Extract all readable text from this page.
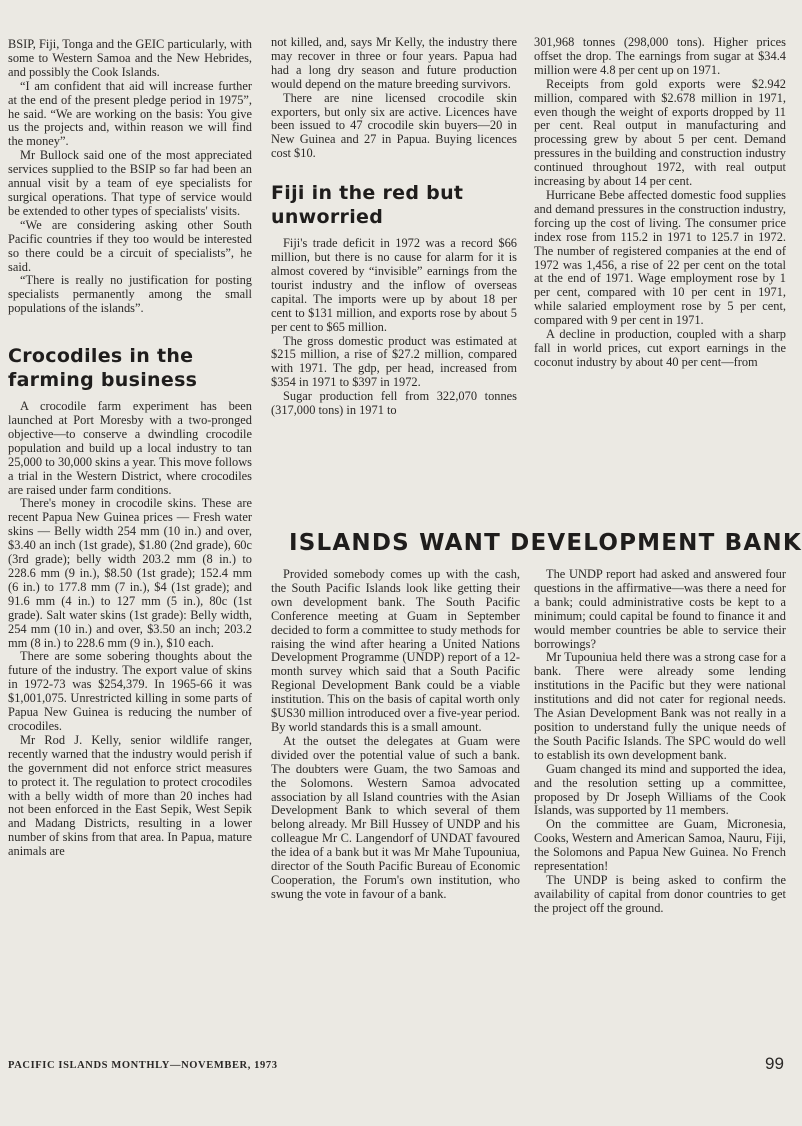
BSIP, Fiji, Tonga and the GEIC particularly, with some to Western Samoa and the New Hebrides, and possibly the Cook Islands.

“I am confident that aid will increase further at the end of the present pledge period in 1975”, he said. “We are working on the basis: You give us the projects and, within reason we will find the money”.

Mr Bullock said one of the most appreciated services supplied to the BSIP so far had been an annual visit by a team of eye specialists for surgical operations. That type of service would be extended to other types of specialists' visits.

“We are considering asking other South Pacific countries if they too would be interested so there could be a circuit of specialists”, he said.

“There is really no justification for posting specialists permanently among the small populations of the islands”.

Crocodiles in the farming business

A crocodile farm experiment has been launched at Port Moresby with a two-pronged objective—to conserve a dwindling crocodile population and build up a local industry to tan 25,000 to 30,000 skins a year. This move follows a trial in the Western District, where crocodiles are raised under farm conditions.

There's money in crocodile skins. These are recent Papua New Guinea prices — Fresh water skins — Belly width 254 mm (10 in.) and over, $3.40 an inch (1st grade), $1.80 (2nd grade), 60c (3rd grade); belly width 203.2 mm (8 in.) to 228.6 mm (9 in.), $8.50 (1st grade); 152.4 mm (6 in.) to 177.8 mm (7 in.), $4 (1st grade); and 91.6 mm (4 in.) to 127 mm (5 in.), 80c (1st grade). Salt water skins (1st grade): Belly width, 254 mm (10 in.) and over, $3.50 an inch; 203.2 mm (8 in.) to 228.6 mm (9 in.), $10 each.

There are some sobering thoughts about the future of the industry. The export value of skins in 1972-73 was $254,379. In 1965-66 it was $1,001,075. Unrestricted killing in some parts of Papua New Guinea is reducing the number of crocodiles.

Mr Rod J. Kelly, senior wildlife ranger, recently warned that the industry would perish if the government did not enforce strict measures to protect it. The regulation to protect crocodiles with a belly width of more than 20 inches had not been enforced in the East Sepik, West Sepik and Madang Districts, resulting in a lower number of skins from that area. In Papua, mature animals are

not killed, and, says Mr Kelly, the industry there may recover in three or four years. Papua had had a long dry season and future production would depend on the mature breeding survivors.

There are nine licensed crocodile skin exporters, but only six are active. Licences have been issued to 47 crocodile skin buyers—20 in New Guinea and 27 in Papua. Buying licences cost $10.

Fiji in the red but unworried

Fiji's trade deficit in 1972 was a record $66 million, but there is no cause for alarm for it is almost covered by “invisible” earnings from the tourist industry and the inflow of overseas capital. The imports were up by about 18 per cent to $131 million, and exports rose by about 5 per cent to $65 million.

The gross domestic product was estimated at $215 million, a rise of $27.2 million, compared with 1971. The gdp, per head, increased from $354 in 1971 to $397 in 1972.

Sugar production fell from 322,070 tonnes (317,000 tons) in 1971 to

301,968 tonnes (298,000 tons). Higher prices offset the drop. The earnings from sugar at $34.4 million were 4.8 per cent up on 1971.

Receipts from gold exports were $2.942 million, compared with $2.678 million in 1971, even though the weight of exports dropped by 11 per cent. Real output in manufacturing and processing grew by about 5 per cent. Demand pressures in the building and construction industry continued throughout 1972, with real output increasing by about 14 per cent.

Hurricane Bebe affected domestic food supplies and demand pressures in the construction industry, forcing up the cost of living. The consumer price index rose from 115.2 in 1971 to 125.7 in 1972. The number of registered companies at the end of 1972 was 1,456, a rise of 22 per cent on the total at the end of 1971. Wage employment rose by 1 per cent, compared with 10 per cent in 1971, while salaried employment rose by 5 per cent, compared with 9 per cent in 1971.

A decline in production, coupled with a sharp fall in world prices, cut export earnings in the coconut industry by about 40 per cent—from

ISLANDS WANT DEVELOPMENT BANK

Provided somebody comes up with the cash, the South Pacific Islands look like getting their own development bank. The South Pacific Conference meeting at Guam in September decided to form a committee to study methods for raising the wind after hearing a United Nations Development Programme (UNDP) report of a 12-month survey which said that a South Pacific Regional Development Bank could be a viable institution. This on the basis of capital worth only $US30 million introduced over a five-year period. By world standards this is a small amount.

At the outset the delegates at Guam were divided over the potential value of such a bank. The doubters were Guam, the two Samoas and the Solomons. Western Samoa advocated association by all Island countries with the Asian Development Bank to which several of them belong already. Mr Bill Hussey of UNDP and his colleague Mr C. Langendorf of UNDAT favoured the idea of a bank but it was Mr Mahe Tupouniua, director of the South Pacific Bureau of Economic Cooperation, the Forum's own institution, who swung the vote in favour of a bank.

The UNDP report had asked and answered four questions in the affirmative—was there a need for a bank; could administrative costs be kept to a minimum; could capital be found to finance it and would member countries be able to service their borrowings?

Mr Tupouniua held there was a strong case for a bank. There were already some lending institutions in the Pacific but they were national institutions and did not cater for regional needs. The Asian Development Bank was not really in a position to understand fully the unique needs of the South Pacific Islands. The SPC would do well to establish its own development bank.

Guam changed its mind and supported the idea, and the resolution setting up a committee, proposed by Dr Joseph Williams of the Cook Islands, was supported by 11 members.

On the committee are Guam, Micronesia, Cooks, Western and American Samoa, Nauru, Fiji, the Solomons and Papua New Guinea. No French representation!

The UNDP is being asked to confirm the availability of capital from donor countries to get the project off the ground.

PACIFIC ISLANDS MONTHLY—NOVEMBER, 1973	99
